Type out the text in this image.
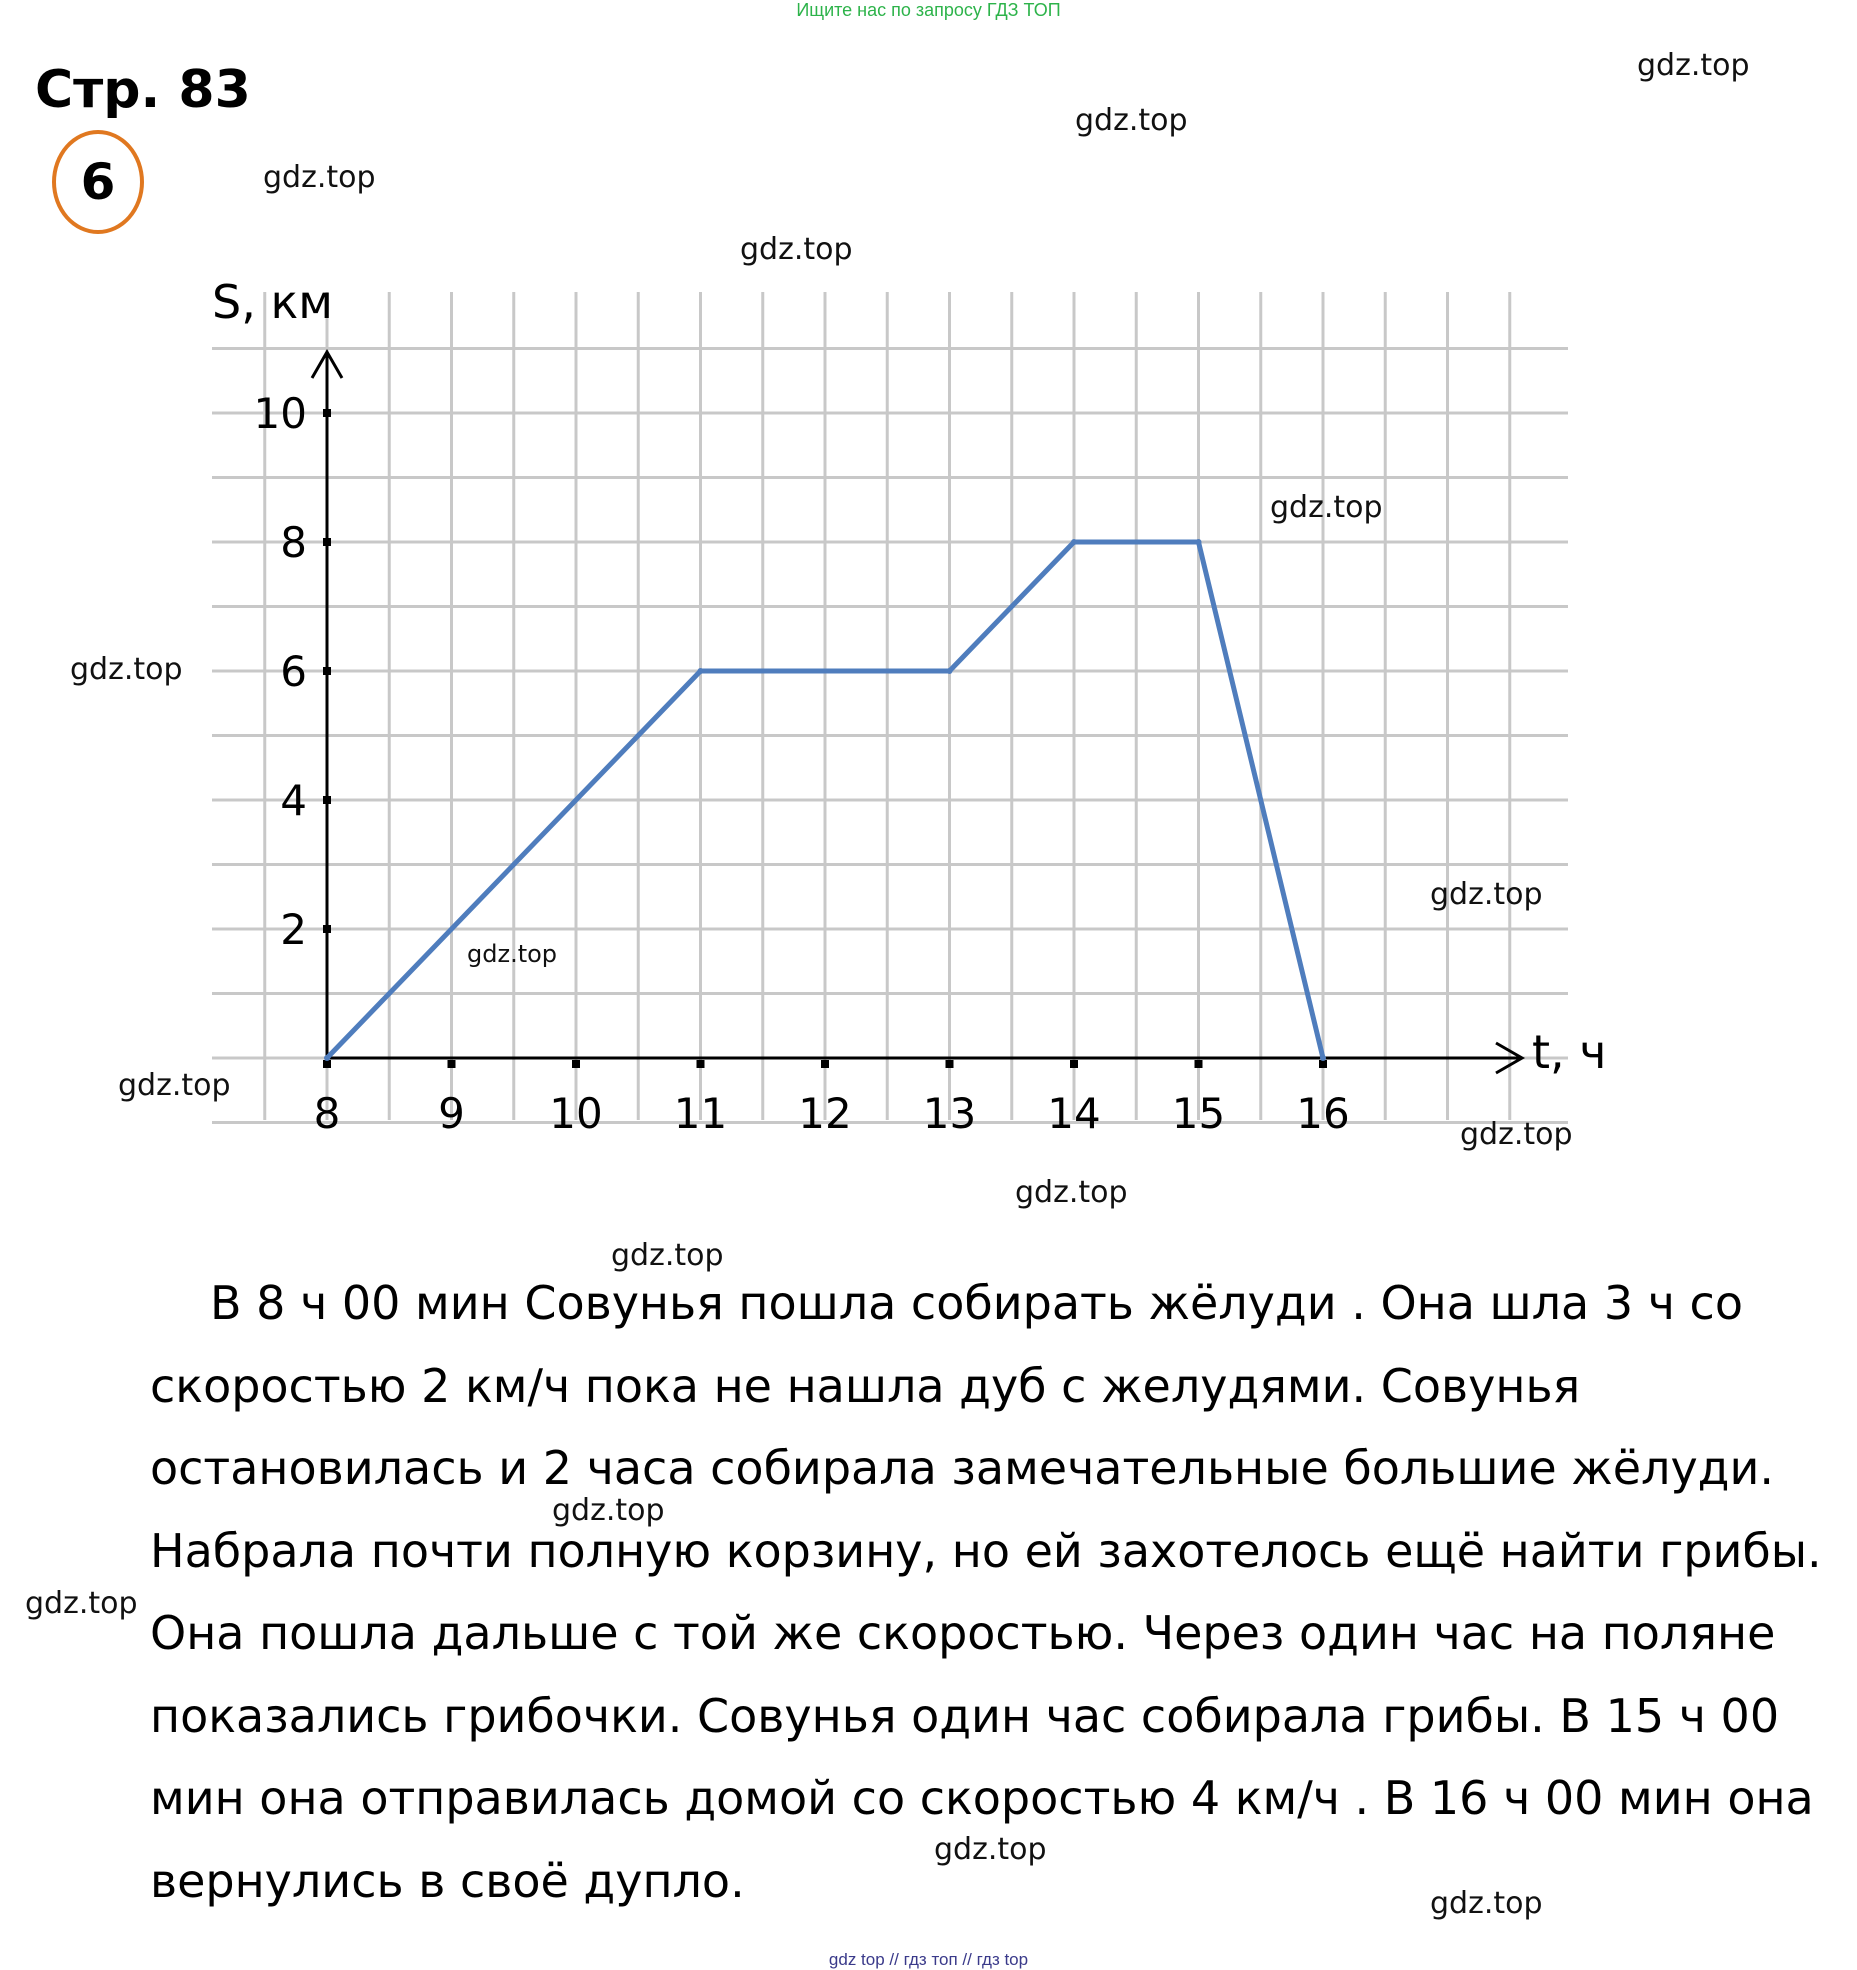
Ищите нас по запросу ГДЗ ТОП
Стр. 83
6
8 9 10 11 12 13 14 15 16
2
4
6
8
10
S, км
t, ч
gdz.top
gdz.top
gdz.top
gdz.top
gdz.top
gdz.top
gdz.top
gdz.top
gdz.top
gdz.top
gdz.top
gdz.top
gdz.top
gdz.top
gdz.top
gdz.top

В 8 ч 00 мин Совунья пошла собирать жёлуди . Она шла 3 ч со скоростью 2 км/ч пока не нашла дуб с желудями. Совунья остановилась и 2 часа собирала замечательные большие жёлуди. Набрала почти полную корзину, но ей захотелось ещё найти грибы. Она пошла дальше с той же скоростью. Через один час на поляне показались грибочки. Совунья один час собирала грибы. В 15 ч 00 мин она отправилась домой со скоростью 4 км/ч . В 16 ч 00 мин она вернулись в своё дупло.

gdz top // гдз топ // гдз top
